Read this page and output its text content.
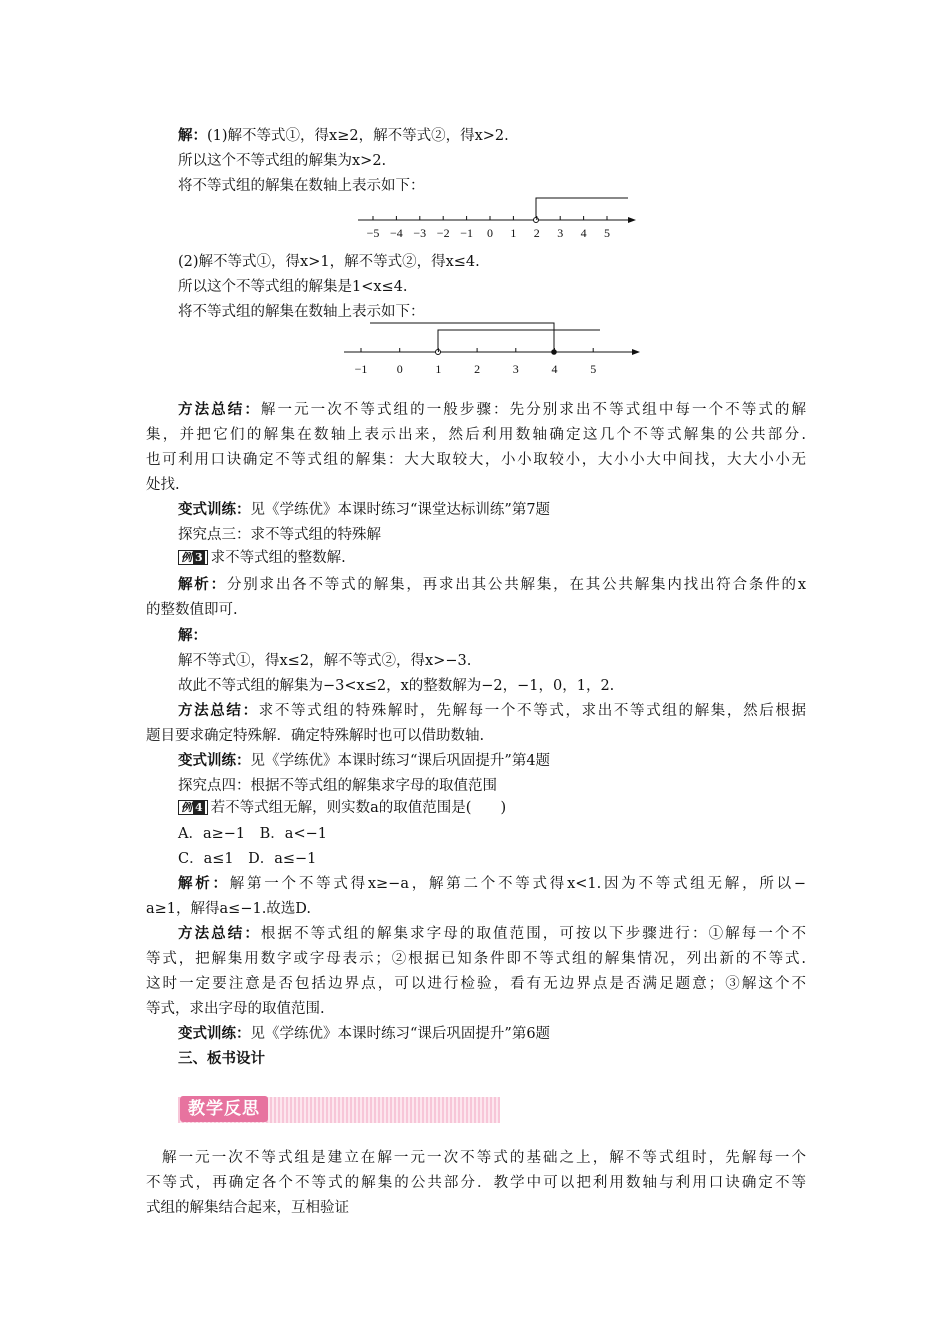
解：(1)解不等式①，得x≥2，解不等式②，得x>2.
所以这个不等式组的解集为x>2.
将不等式组的解集在数轴上表示如下：
−5 −4 −3 −2 −1 0 1 2 3 4 5
(2)解不等式①，得x>1，解不等式②，得x≤4.
所以这个不等式组的解集是1<x≤4.
将不等式组的解集在数轴上表示如下：
−1 0	1	2	3	4	5
方法总结：解一元一次不等式组的一般步骤：先分别求出不等式组中每一个不等式的解
集，并把它们的解集在数轴上表示出来，然后利用数轴确定这几个不等式解集的公共部分.
也可利用口诀确定不等式组的解集：大大取较大，小小取较小，大小小大中间找，大大小小无
处找.
变式训练：见《学练优》本课时练习“课堂达标训练”第7题
探究点三：求不等式组的特殊解
例 3 求不等式组的整数解.
解析：分别求出各不等式的解集，再求出其公共解集，在其公共解集内找出符合条件的x
的整数值即可.
解：
解不等式①，得x≤2，解不等式②，得x>−3.
故此不等式组的解集为−3<x≤2，x的整数解为−2，−1，0，1，2.
方法总结：求不等式组的特殊解时，先解每一个不等式，求出不等式组的解集，然后根据
题目要求确定特殊解．确定特殊解时也可以借助数轴.
变式训练：见《学练优》本课时练习“课后巩固提升”第4题
探究点四：根据不等式组的解集求字母的取值范围
例 4 若不等式组无解，则实数a的取值范围是(　　)
A．a≥−1　B．a<−1
C．a≤1　D．a≤−1
解析：解第一个不等式得x≥−a，解第二个不等式得x<1.因为不等式组无解，所以−
a≥1，解得a≤−1.故选D.
方法总结：根据不等式组的解集求字母的取值范围，可按以下步骤进行：①解每一个不
等式，把解集用数字或字母表示；②根据已知条件即不等式组的解集情况，列出新的不等式.
这时一定要注意是否包括边界点，可以进行检验，看有无边界点是否满足题意；③解这个不
等式，求出字母的取值范围.
变式训练：见《学练优》本课时练习“课后巩固提升”第6题
三、板书设计
教学反思
解一元一次不等式组是建立在解一元一次不等式的基础之上，解不等式组时，先解每一个
不等式，再确定各个不等式的解集的公共部分．教学中可以把利用数轴与利用口诀确定不等
式组的解集结合起来，互相验证
